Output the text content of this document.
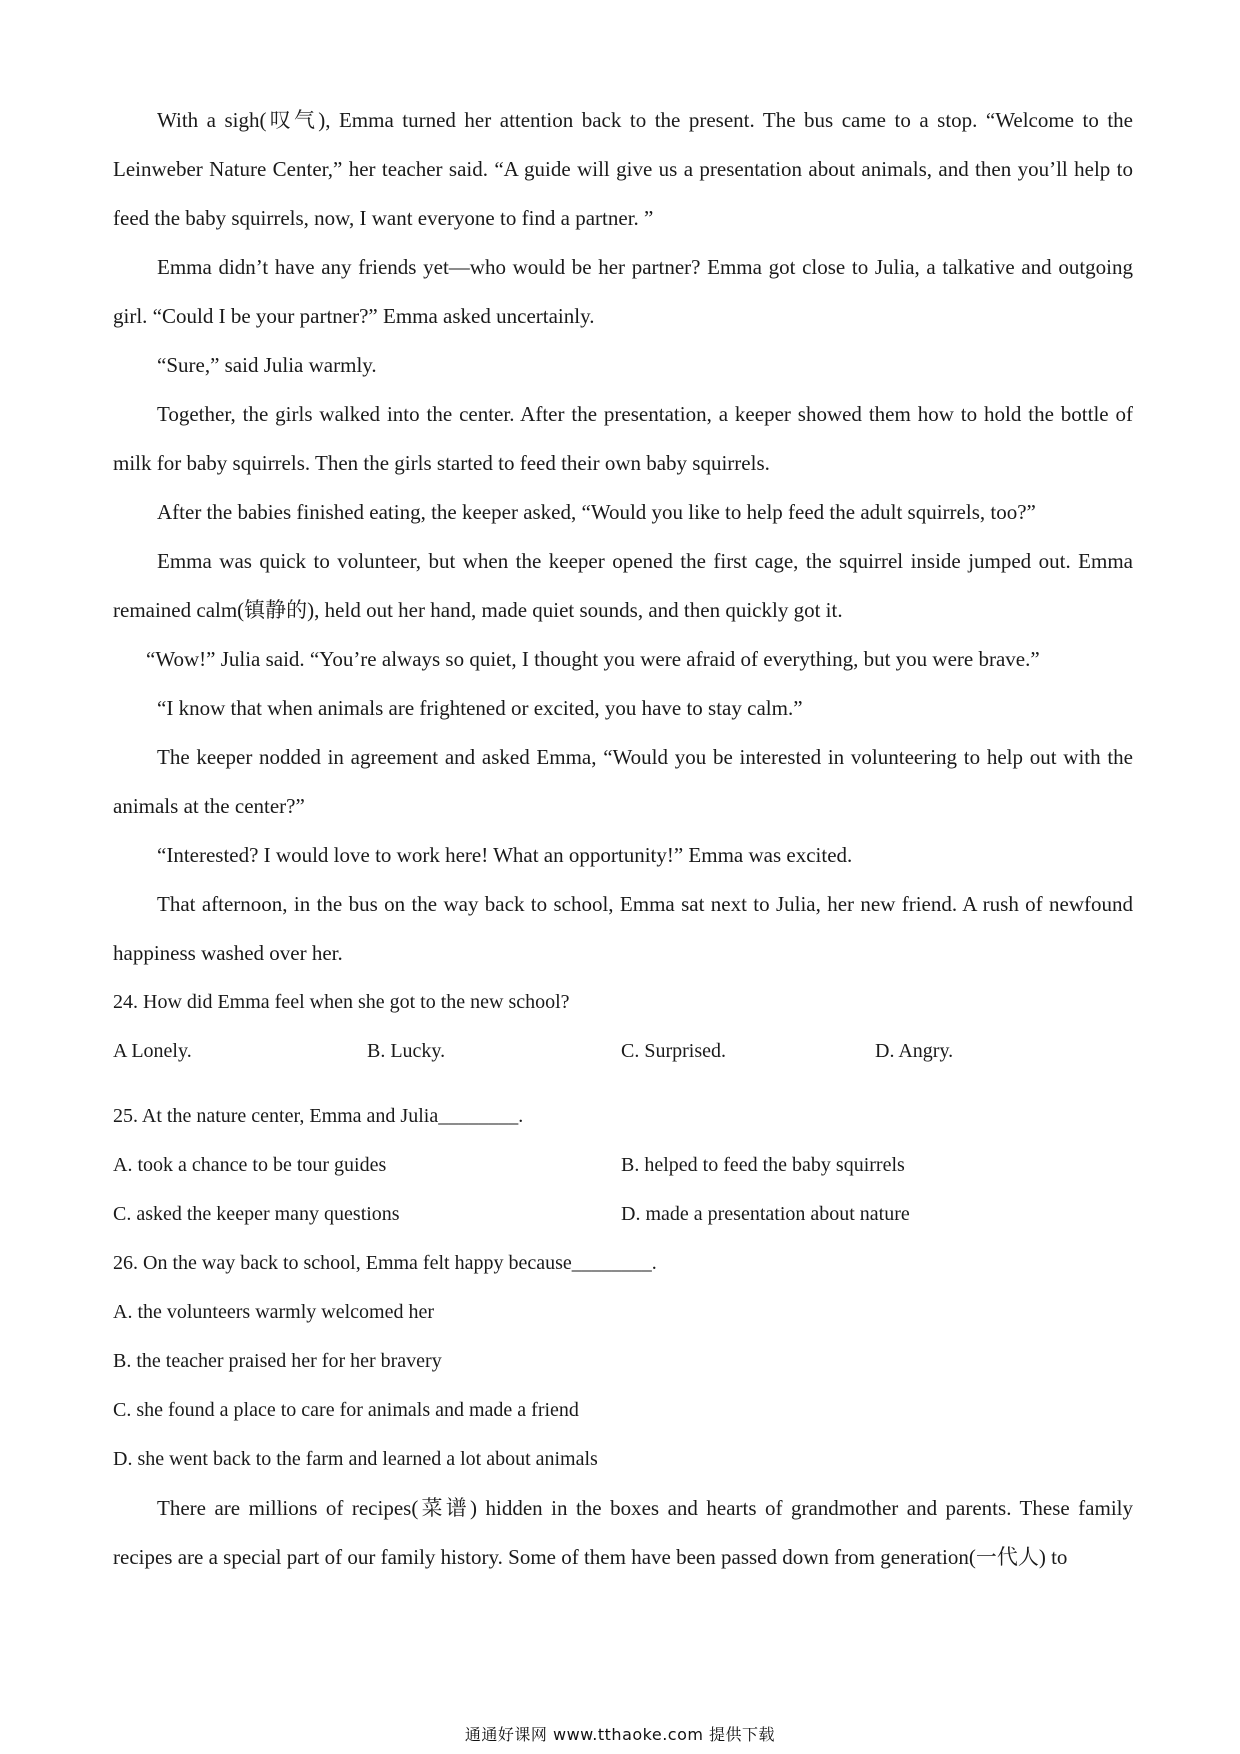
With a sigh(叹气), Emma turned her attention back to the present. The bus came to a stop. “Welcome to the Leinweber Nature Center,” her teacher said. “A guide will give us a presentation about animals, and then you’ll help to feed the baby squirrels, now, I want everyone to find a partner. ”

Emma didn’t have any friends yet—who would be her partner? Emma got close to Julia, a talkative and outgoing girl. “Could I be your partner?” Emma asked uncertainly.

“Sure,” said Julia warmly.

Together, the girls walked into the center. After the presentation, a keeper showed them how to hold the bottle of milk for baby squirrels. Then the girls started to feed their own baby squirrels.

After the babies finished eating, the keeper asked, “Would you like to help feed the adult squirrels, too?”

Emma was quick to volunteer, but when the keeper opened the first cage, the squirrel inside jumped out. Emma remained calm(镇静的), held out her hand, made quiet sounds, and then quickly got it.

“Wow!” Julia said. “You’re always so quiet, I thought you were afraid of everything, but you were brave.”

“I know that when animals are frightened or excited, you have to stay calm.”

The keeper nodded in agreement and asked Emma, “Would you be interested in volunteering to help out with the animals at the center?”

“Interested? I would love to work here! What an opportunity!” Emma was excited.

That afternoon, in the bus on the way back to school, Emma sat next to Julia, her new friend. A rush of newfound happiness washed over her.

24. How did Emma feel when she got to the new school?

A Lonely.	B. Lucky.	C. Surprised.	D. Angry.

25. At the nature center, Emma and Julia________.

A. took a chance to be tour guides	B. helped to feed the baby squirrels
C. asked the keeper many questions	D. made a presentation about nature

26. On the way back to school, Emma felt happy because________.

A. the volunteers warmly welcomed her

B. the teacher praised her for her bravery

C. she found a place to care for animals and made a friend

D. she went back to the farm and learned a lot about animals

There are millions of recipes(菜谱) hidden in the boxes and hearts of grandmother and parents. These family recipes are a special part of our family history. Some of them have been passed down from generation(一代人) to

通通好课网 www.tthaoke.com 提供下载
